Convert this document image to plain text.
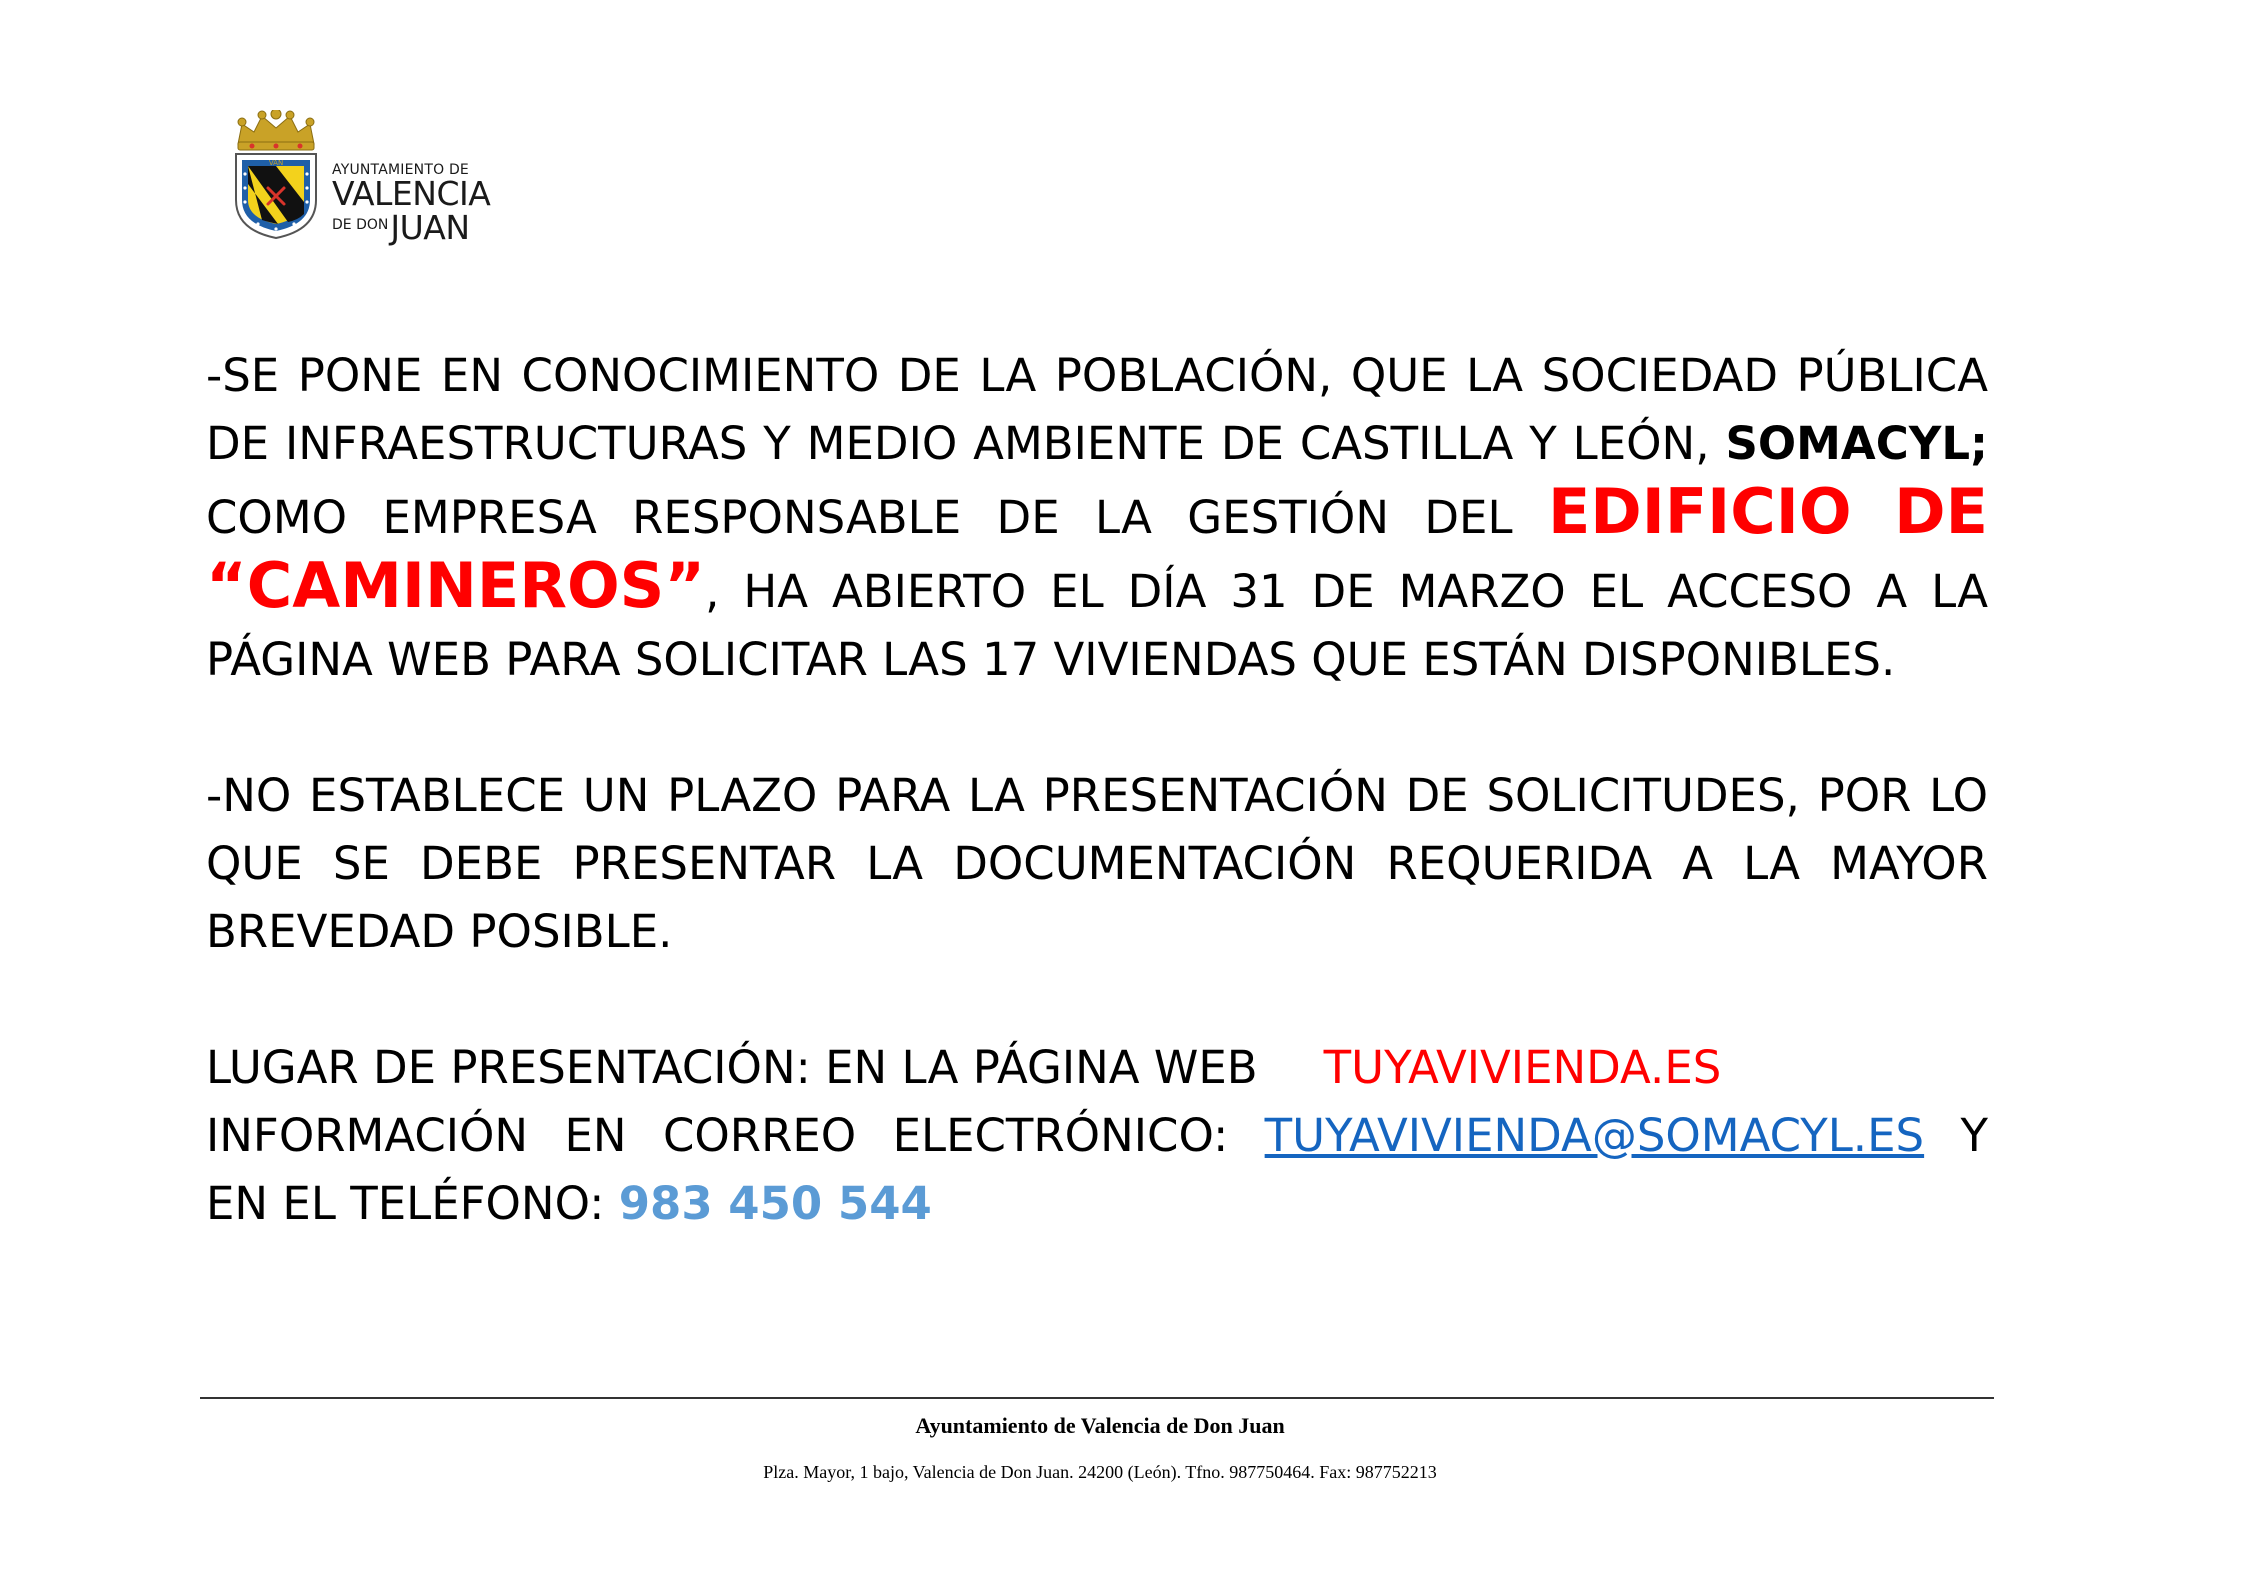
VAN	AYUNTAMIENTO DE
VALENCIA
DE DONJUAN

-SE PONE EN CONOCIMIENTO DE LA POBLACIÓN, QUE LA SOCIEDAD PÚBLICA DE INFRAESTRUCTURAS Y MEDIO AMBIENTE DE CASTILLA Y LEÓN, SOMACYL; COMO EMPRESA RESPONSABLE DE LA GESTIÓN DEL EDIFICIO DE “CAMINEROS”, HA ABIERTO EL DÍA 31 DE MARZO EL ACCESO A LA PÁGINA WEB PARA SOLICITAR LAS 17 VIVIENDAS QUE ESTÁN DISPONIBLES.

-NO ESTABLECE UN PLAZO PARA LA PRESENTACIÓN DE SOLICITUDES, POR LO QUE SE DEBE PRESENTAR LA DOCUMENTACIÓN REQUERIDA A LA MAYOR BREVEDAD POSIBLE.

LUGAR DE PRESENTACIÓN: EN LA PÁGINA WEB TUYAVIVIENDA.ES
INFORMACIÓN EN CORREO ELECTRÓNICO: TUYAVIVIENDA@SOMACYL.ES Y
EN EL TELÉFONO: 983 450 544
Ayuntamiento de Valencia de Don Juan
Plza. Mayor, 1 bajo, Valencia de Don Juan. 24200 (León). Tfno. 987750464. Fax: 987752213
